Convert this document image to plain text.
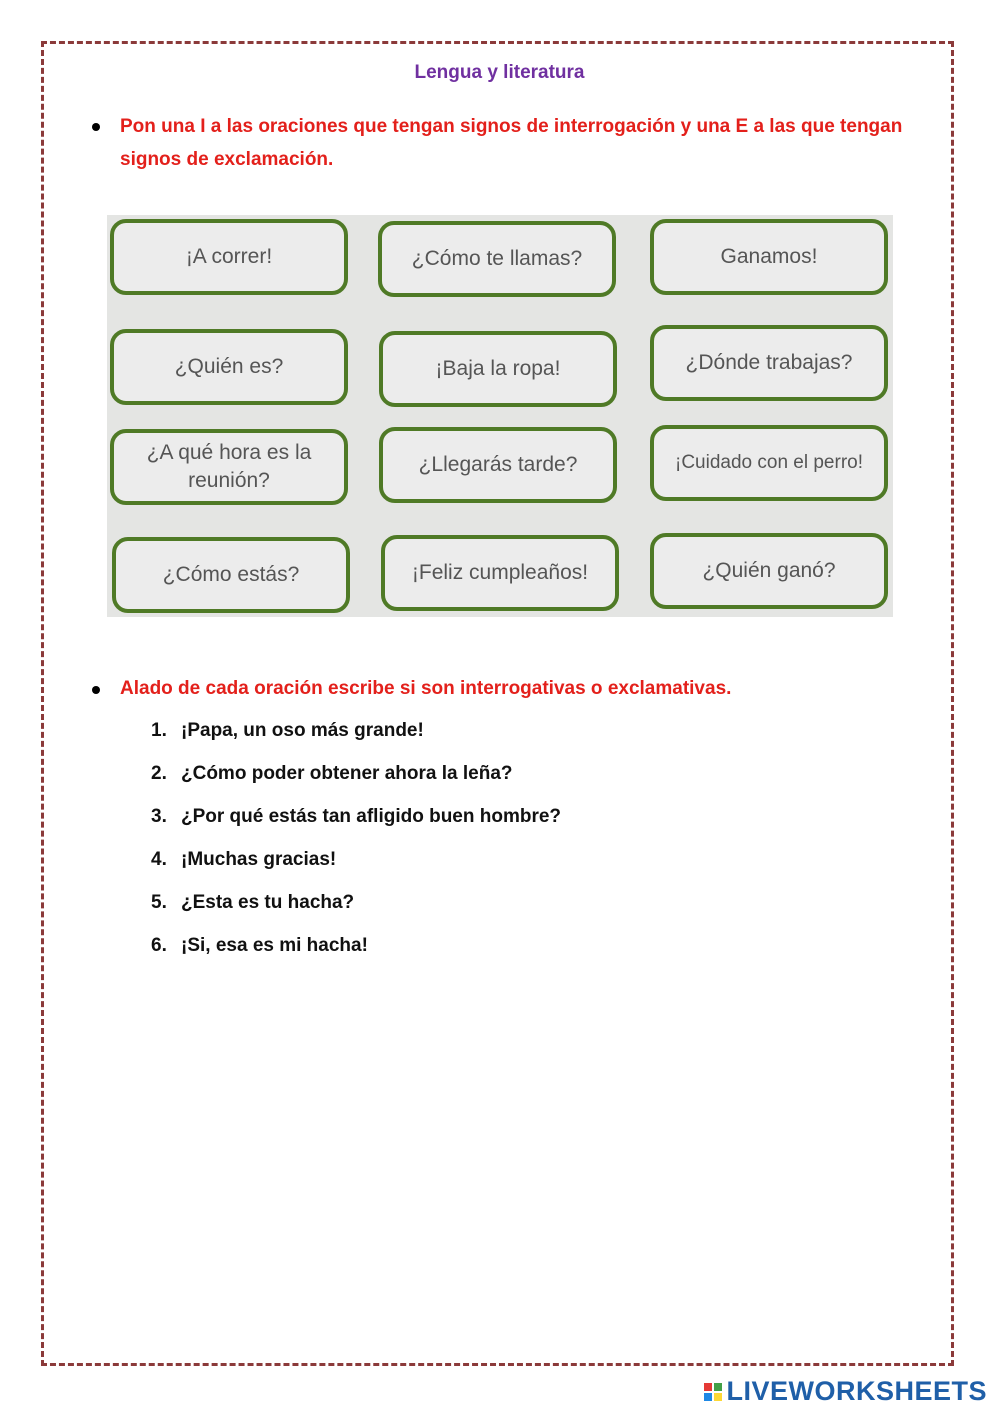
Lengua y literatura
Pon una I a las oraciones que tengan signos de interrogación y una E a las que tengan signos de exclamación.
¡A correr!	¿Cómo te llamas?	Ganamos!
¿Quién es?	¡Baja la ropa!	¿Dónde trabajas?
¿A qué hora es la reunión?
¿Llegarás tarde?	¡Cuidado con el perro!
¿Cómo estás?	¡Feliz cumpleaños!	¿Quién ganó?
Alado de cada oración escribe si son interrogativas o exclamativas.
1. ¡Papa, un oso más grande!
2. ¿Cómo poder obtener ahora la leña?
3. ¿Por qué estás tan afligido buen hombre?
4. ¡Muchas gracias!
5. ¿Esta es tu hacha?
6. ¡Si, esa es mi hacha!
LIVEWORKSHEETS
